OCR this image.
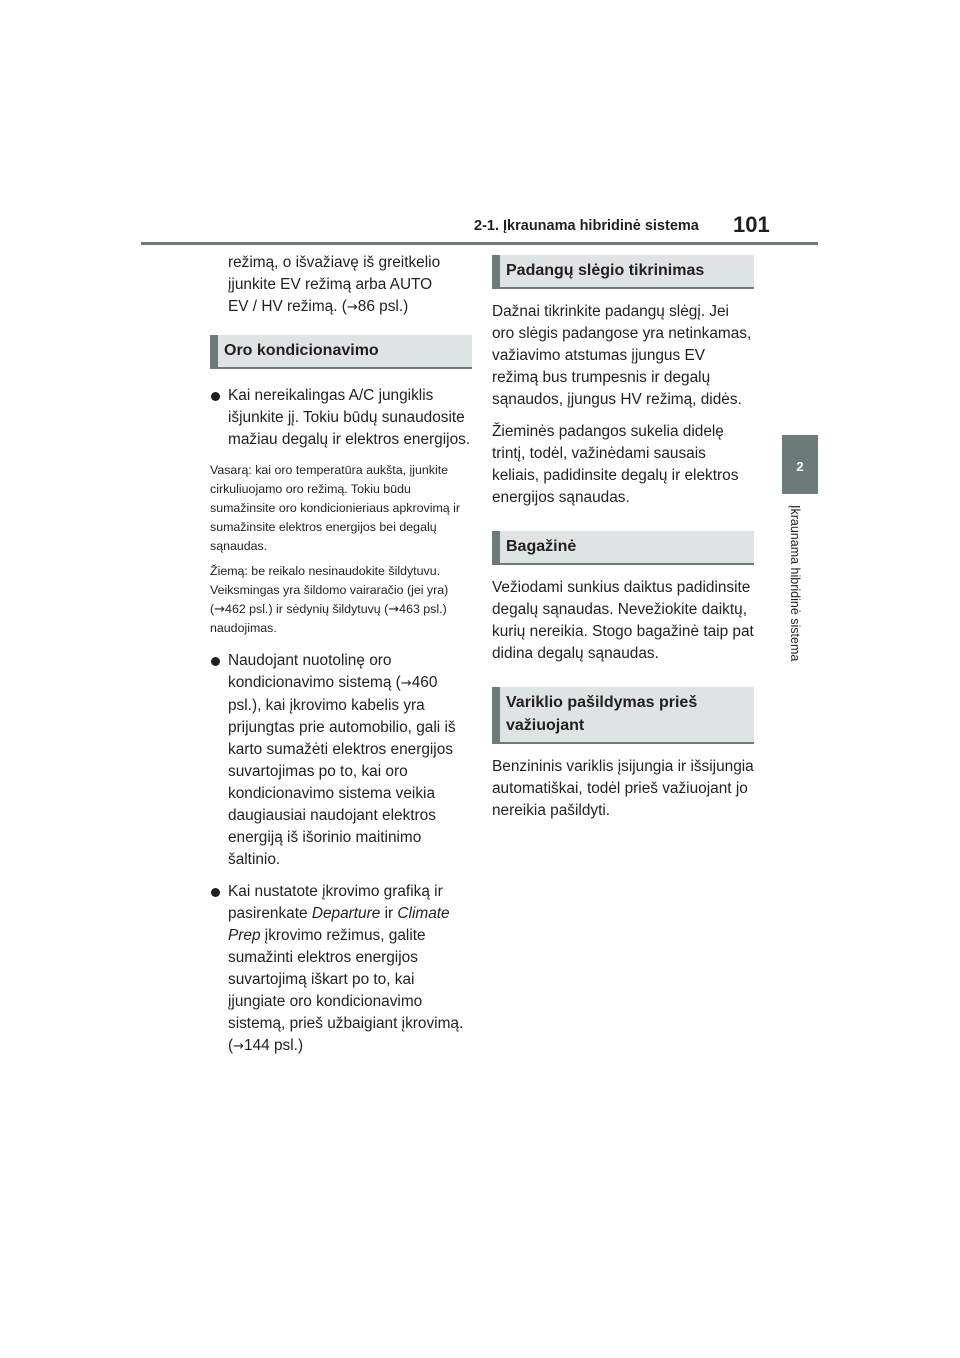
2-1. Įkraunama hibridinė sistema 101
2
Įkraunama hibridinė sistema

režimą, o išvažiavę iš greitkelio
įjunkite EV režimą arba AUTO
EV / HV režimą. (→86 psl.)

Oro kondicionavimo
Kai nereikalingas A/C jungiklis išjunkite jį. Tokiu būdų sunaudosite mažiau degalų ir elektros energijos.

Vasarą: kai oro temperatūra aukšta, įjunkite cirkuliuojamo oro režimą. Tokiu būdu sumažinsite oro kondicionieriaus apkrovimą ir sumažinsite elektros energijos bei degalų sąnaudas.

Žiemą: be reikalo nesinaudokite šildytuvu. Veiksmingas yra šildomo vairaračio (jei yra) (→462 psl.) ir sėdynių šildytuvų (→463 psl.) naudojimas.

Naudojant nuotolinę oro kondicionavimo sistemą (→460 psl.), kai įkrovimo kabelis yra prijungtas prie automobilio, gali iš karto sumažėti elektros energijos suvartojimas po to, kai oro kondicionavimo sistema veikia daugiausiai naudojant elektros energiją iš išorinio maitinimo šaltinio.
Kai nustatote įkrovimo grafiką ir pasirenkate Departure ir Climate Prep įkrovimo režimus, galite sumažinti elektros energijos suvartojimą iškart po to, kai įjungiate oro kondicionavimo sistemą, prieš užbaigiant įkrovimą. (→144 psl.)
Padangų slėgio tikrinimas

Dažnai tikrinkite padangų slėgį. Jei oro slėgis padangose yra netinkamas, važiavimo atstumas įjungus EV režimą bus trumpesnis ir degalų sąnaudos, įjungus HV režimą, didės.

Žieminės padangos sukelia didelę trintį, todėl, važinėdami sausais keliais, padidinsite degalų ir elektros energijos sąnaudas.

Bagažinė

Vežiodami sunkius daiktus padidinsite degalų sąnaudas. Nevežiokite daiktų, kurių nereikia. Stogo bagažinė taip pat didina degalų sąnaudas.

Variklio pašildymas prieš važiuojant

Benzininis variklis įsijungia ir išsijungia automatiškai, todėl prieš važiuojant jo nereikia pašildyti.
